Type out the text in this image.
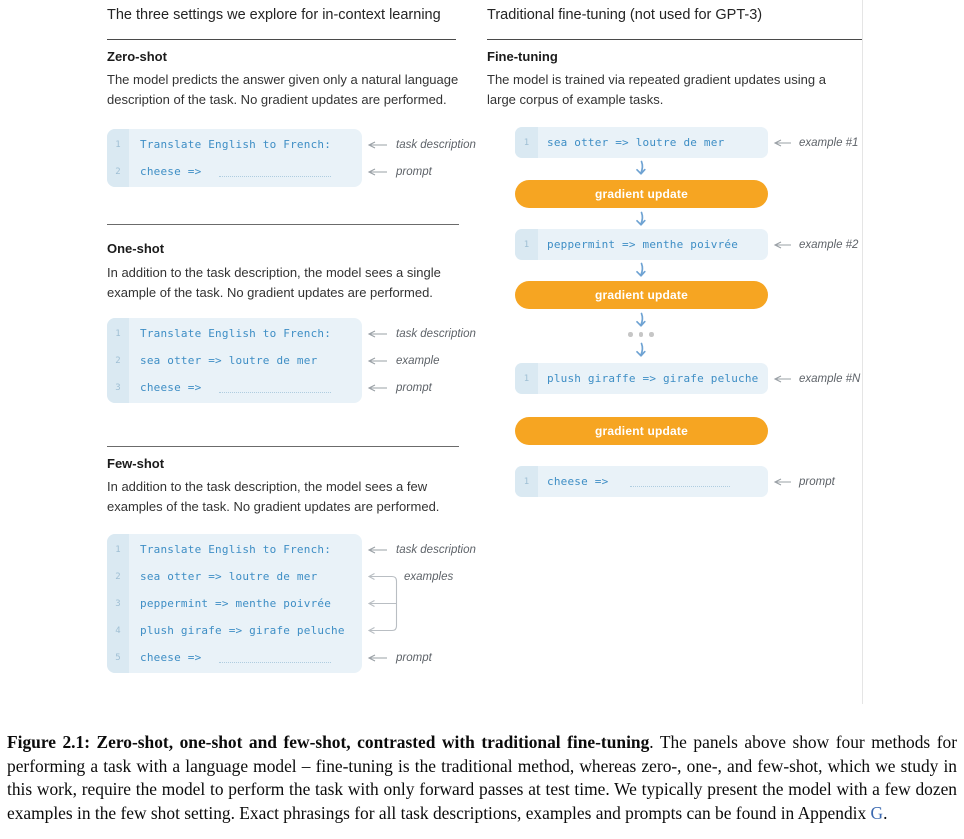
The three settings we explore for in-context learning
Zero-shot
The model predicts the answer given only a natural language description of the task. No gradient updates are performed.
1	Translate English to French:
2	cheese =>
task description
prompt
One-shot
In addition to the task description, the model sees a single example of the task. No gradient updates are performed.
1	Translate English to French:
2	sea otter => loutre de mer
3	cheese =>
task description
example
prompt
Few-shot
In addition to the task description, the model sees a few examples of the task. No gradient updates are performed.
1	Translate English to French:
2	sea otter => loutre de mer
3	peppermint => menthe poivrée
4	plush girafe => girafe peluche
5	cheese =>
task description
examples
prompt
Traditional fine-tuning (not used for GPT-3)
Fine-tuning
The model is trained via repeated gradient updates using a large corpus of example tasks.
1	sea otter => loutre de mer
gradient update
1	peppermint => menthe poivrée
gradient update
1	plush giraffe => girafe peluche
gradient update
1	cheese =>
example #1
example #2
example #N
prompt

Figure 2.1: Zero-shot, one-shot and few-shot, contrasted with traditional fine-tuning. The panels above show four methods for performing a task with a language model – fine-tuning is the traditional method, whereas zero-, one-, and few-shot, which we study in this work, require the model to perform the task with only forward passes at test time. We typically present the model with a few dozen examples in the few shot setting. Exact phrasings for all task descriptions, examples and prompts can be found in Appendix G.
